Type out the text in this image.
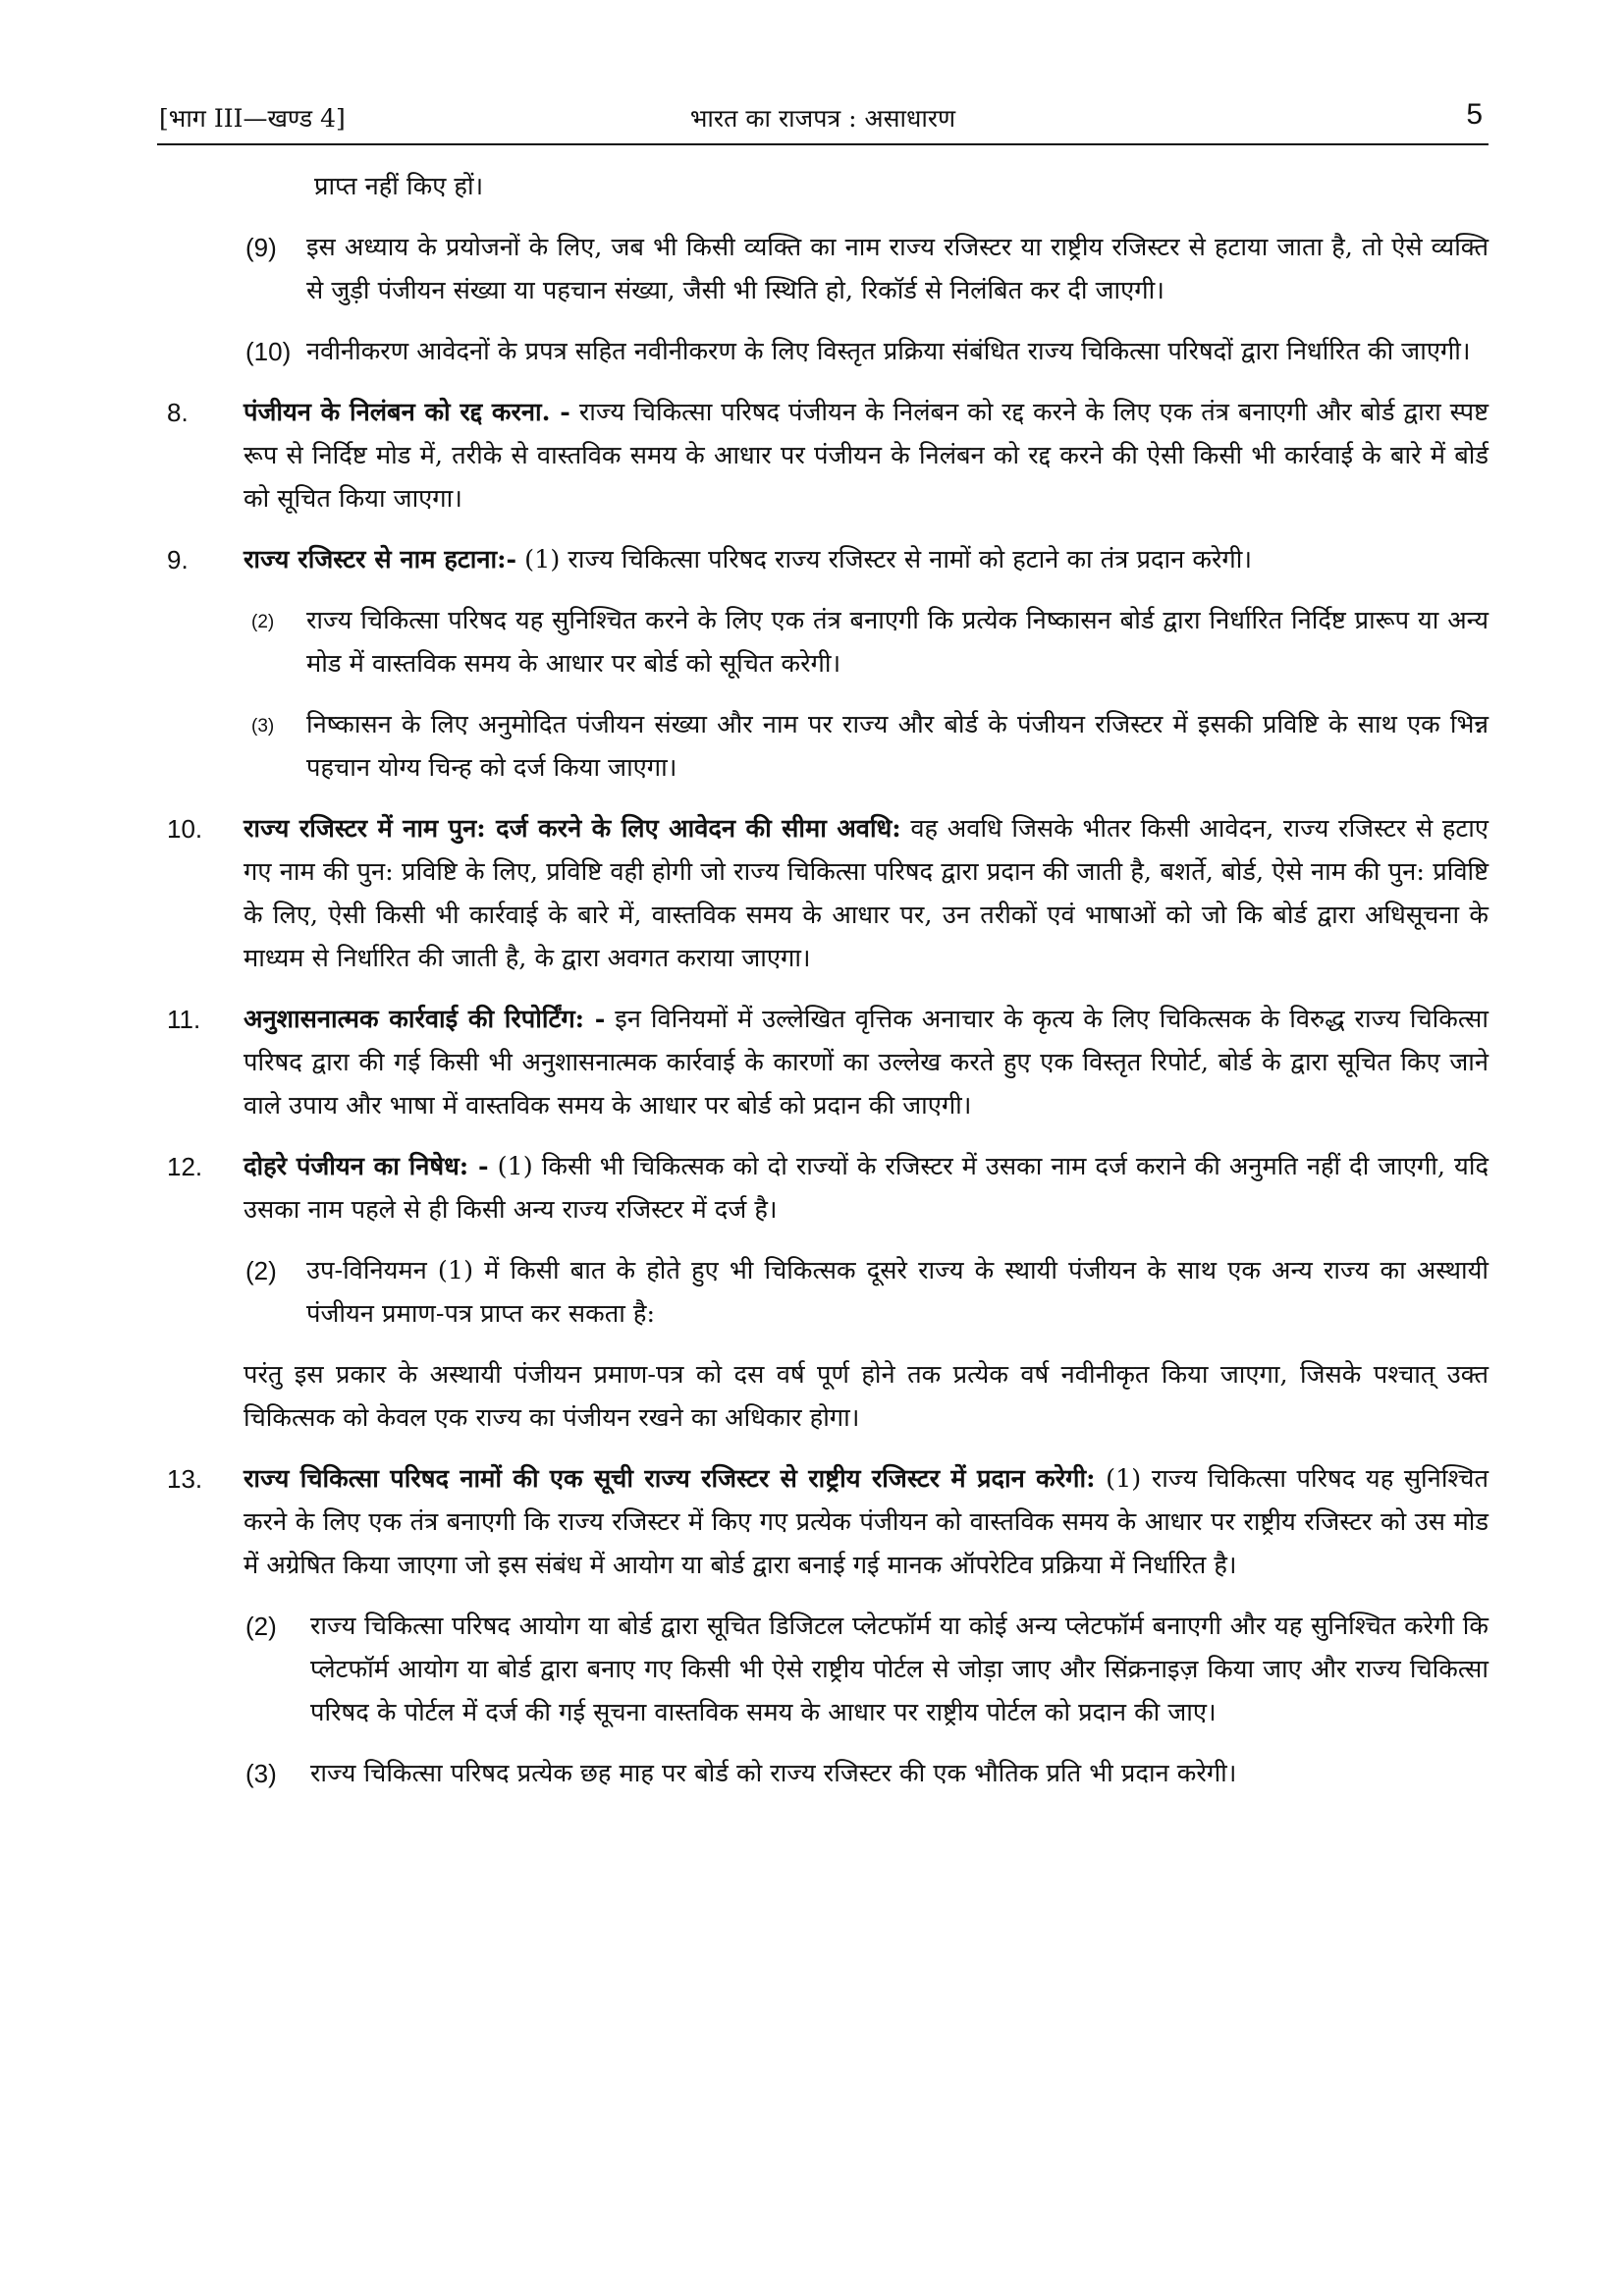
[भाग III—खण्ड 4]	भारत का राजपत्र : असाधारण	5

प्राप्त नहीं किए हों।

(9) इस अध्याय के प्रयोजनों के लिए, जब भी किसी व्यक्ति का नाम राज्य रजिस्टर या राष्ट्रीय रजिस्टर से हटाया जाता है, तो ऐसे व्यक्ति से जुड़ी पंजीयन संख्या या पहचान संख्या, जैसी भी स्थिति हो, रिकॉर्ड से निलंबित कर दी जाएगी।
(10) नवीनीकरण आवेदनों के प्रपत्र सहित नवीनीकरण के लिए विस्तृत प्रक्रिया संबंधित राज्य चिकित्सा परिषदों द्वारा निर्धारित की जाएगी।
8. पंजीयन के निलंबन को रद्द करना. - राज्य चिकित्सा परिषद पंजीयन के निलंबन को रद्द करने के लिए एक तंत्र बनाएगी और बोर्ड द्वारा स्पष्ट रूप से निर्दिष्ट मोड में, तरीके से वास्तविक समय के आधार पर पंजीयन के निलंबन को रद्द करने की ऐसी किसी भी कार्रवाई के बारे में बोर्ड को सूचित किया जाएगा।
9. राज्य रजिस्टर से नाम हटाना:- (1) राज्य चिकित्सा परिषद राज्य रजिस्टर से नामों को हटाने का तंत्र प्रदान करेगी।
(2) राज्य चिकित्सा परिषद यह सुनिश्चित करने के लिए एक तंत्र बनाएगी कि प्रत्येक निष्कासन बोर्ड द्वारा निर्धारित निर्दिष्ट प्रारूप या अन्य मोड में वास्तविक समय के आधार पर बोर्ड को सूचित करेगी।
(3) निष्कासन के लिए अनुमोदित पंजीयन संख्या और नाम पर राज्य और बोर्ड के पंजीयन रजिस्टर में इसकी प्रविष्टि के साथ एक भिन्न पहचान योग्य चिन्ह को दर्ज किया जाएगा।
10. राज्य रजिस्टर में नाम पुन: दर्ज करने के लिए आवेदन की सीमा अवधि: वह अवधि जिसके भीतर किसी आवेदन, राज्य रजिस्टर से हटाए गए नाम की पुन: प्रविष्टि के लिए, प्रविष्टि वही होगी जो राज्य चिकित्सा परिषद द्वारा प्रदान की जाती है, बशर्ते, बोर्ड, ऐसे नाम की पुन: प्रविष्टि के लिए, ऐसी किसी भी कार्रवाई के बारे में, वास्तविक समय के आधार पर, उन तरीकों एवं भाषाओं को जो कि बोर्ड द्वारा अधिसूचना के माध्यम से निर्धारित की जाती है, के द्वारा अवगत कराया जाएगा।
11. अनुशासनात्मक कार्रवाई की रिपोर्टिंग: - इन विनियमों में उल्लेखित वृत्तिक अनाचार के कृत्य के लिए चिकित्सक के विरुद्ध राज्य चिकित्सा परिषद द्वारा की गई किसी भी अनुशासनात्मक कार्रवाई के कारणों का उल्लेख करते हुए एक विस्तृत रिपोर्ट, बोर्ड के द्वारा सूचित किए जाने वाले उपाय और भाषा में वास्तविक समय के आधार पर बोर्ड को प्रदान की जाएगी।
12. दोहरे पंजीयन का निषेध: - (1) किसी भी चिकित्सक को दो राज्यों के रजिस्टर में उसका नाम दर्ज कराने की अनुमति नहीं दी जाएगी, यदि उसका नाम पहले से ही किसी अन्य राज्य रजिस्टर में दर्ज है।
(2) उप-विनियमन (1) में किसी बात के होते हुए भी चिकित्सक दूसरे राज्य के स्थायी पंजीयन के साथ एक अन्य राज्य का अस्थायी पंजीयन प्रमाण-पत्र प्राप्त कर सकता है:

परंतु इस प्रकार के अस्थायी पंजीयन प्रमाण-पत्र को दस वर्ष पूर्ण होने तक प्रत्येक वर्ष नवीनीकृत किया जाएगा, जिसके पश्चात् उक्त चिकित्सक को केवल एक राज्य का पंजीयन रखने का अधिकार होगा।

13. राज्य चिकित्सा परिषद नामों की एक सूची राज्य रजिस्टर से राष्ट्रीय रजिस्टर में प्रदान करेगी: (1) राज्य चिकित्सा परिषद यह सुनिश्चित करने के लिए एक तंत्र बनाएगी कि राज्य रजिस्टर में किए गए प्रत्येक पंजीयन को वास्तविक समय के आधार पर राष्ट्रीय रजिस्टर को उस मोड में अग्रेषित किया जाएगा जो इस संबंध में आयोग या बोर्ड द्वारा बनाई गई मानक ऑपरेटिव प्रक्रिया में निर्धारित है।
(2) राज्य चिकित्सा परिषद आयोग या बोर्ड द्वारा सूचित डिजिटल प्लेटफॉर्म या कोई अन्य प्लेटफॉर्म बनाएगी और यह सुनिश्चित करेगी कि प्लेटफॉर्म आयोग या बोर्ड द्वारा बनाए गए किसी भी ऐसे राष्ट्रीय पोर्टल से जोड़ा जाए और सिंक्रनाइज़ किया जाए और राज्य चिकित्सा परिषद के पोर्टल में दर्ज की गई सूचना वास्तविक समय के आधार पर राष्ट्रीय पोर्टल को प्रदान की जाए।
(3) राज्य चिकित्सा परिषद प्रत्येक छह माह पर बोर्ड को राज्य रजिस्टर की एक भौतिक प्रति भी प्रदान करेगी।
